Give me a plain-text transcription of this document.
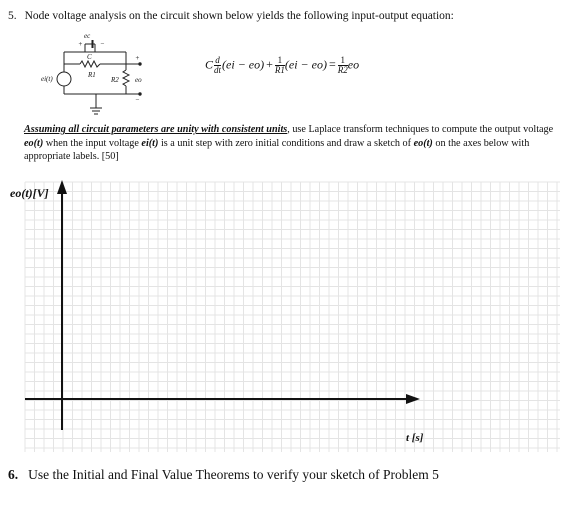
5. Node voltage analysis on the circuit shown below yields the following input-output equation:
ec
+ −
C
R1
R2 eo
ei(t)
+
−
C $\frac{d}{dt} (ei - eo) + \frac{1}{R1} (ei - eo) = \frac{1}{R2}$ eo
Assuming all circuit parameters are unity with consistent units, use Laplace transform techniques to compute the output voltage eo(t) when the input voltage ei(t) is a unit step with zero initial conditions and draw a sketch of eo(t) on the axes below with appropriate labels. [50]
eo(t)[V]
t [s]
6. Use the Initial and Final Value Theorems to verify your sketch of Problem 5
